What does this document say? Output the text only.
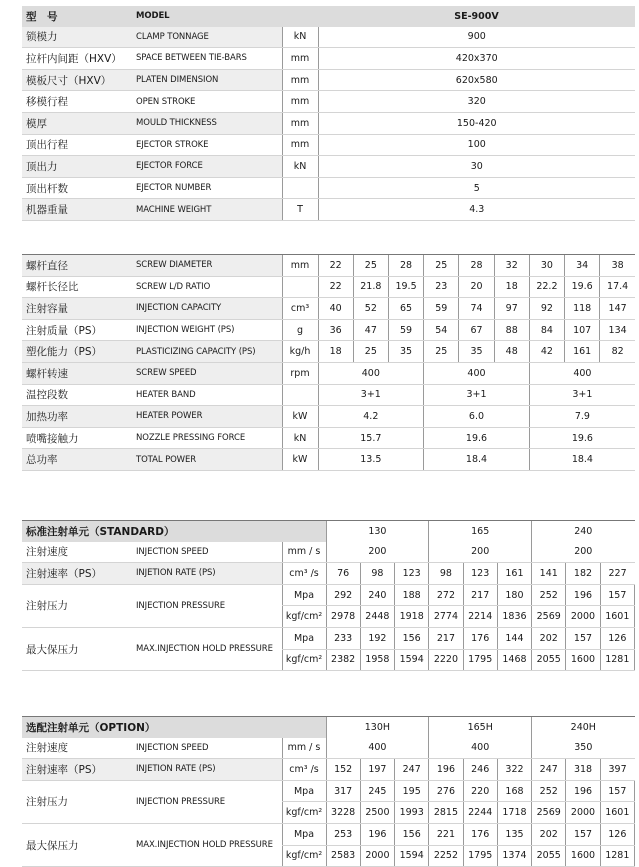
型　号	MODEL		SE-900V
锁模力	CLAMP TONNAGE	kN	900
拉杆内间距（HXV）	SPACE BETWEEN TIE-BARS	mm	420x370
模板尺寸（HXV）	PLATEN DIMENSION	mm	620x580
移模行程	OPEN STROKE	mm	320
模厚	MOULD THICKNESS	mm	150-420
顶出行程	EJECTOR STROKE	mm	100
顶出力	EJECTOR FORCE	kN	30
顶出杆数	EJECTOR NUMBER		5
机器重量	MACHINE WEIGHT	T	4.3
螺杆直径	SCREW DIAMETER	mm	22	25	28	25	28	32	30	34	38
螺杆长径比	SCREW L/D RATIO		22	21.8	19.5	23	20	18	22.2	19.6	17.4
注射容量	INJECTION CAPACITY	cm³	40	52	65	59	74	97	92	118	147
注射质量（PS）	INJECTION WEIGHT (PS)	g	36	47	59	54	67	88	84	107	134
塑化能力（PS）	PLASTICIZING CAPACITY (PS)	kg/h	18	25	35	25	35	48	42	161	82
螺杆转速	SCREW SPEED	rpm	400			400			400		
温控段数	HEATER BAND		3+1			3+1			3+1		
加热功率	HEATER POWER	kW	4.2			6.0			7.9		
喷嘴接触力	NOZZLE PRESSING FORCE	kN	15.7			19.6			19.6		
总功率	TOTAL POWER	kW	13.5			18.4			18.4		
标准注射单元（STANDARD）			130			165			240		
注射速度	INJECTION SPEED	mm / s	200			200			200		
注射速率（PS）	INJETION RATE (PS)	cm³ /s	76	98	123	98	123	161	141	182	227
注射压力	INJECTION PRESSURE	Mpa	292	240	188	272	217	180	252	196	157
		kgf/cm²	2978	2448	1918	2774	2214	1836	2569	2000	1601
最大保压力	MAX.INJECTION HOLD PRESSURE	Mpa	233	192	156	217	176	144	202	157	126
		kgf/cm²	2382	1958	1594	2220	1795	1468	2055	1600	1281
选配注射单元（OPTION）			130H			165H			240H		
注射速度	INJECTION SPEED	mm / s	400			400			350		
注射速率（PS）	INJETION RATE (PS)	cm³ /s	152	197	247	196	246	322	247	318	397
注射压力	INJECTION PRESSURE	Mpa	317	245	195	276	220	168	252	196	157
		kgf/cm²	3228	2500	1993	2815	2244	1718	2569	2000	1601
最大保压力	MAX.INJECTION HOLD PRESSURE	Mpa	253	196	156	221	176	135	202	157	126
		kgf/cm²	2583	2000	1594	2252	1795	1374	2055	1600	1281
